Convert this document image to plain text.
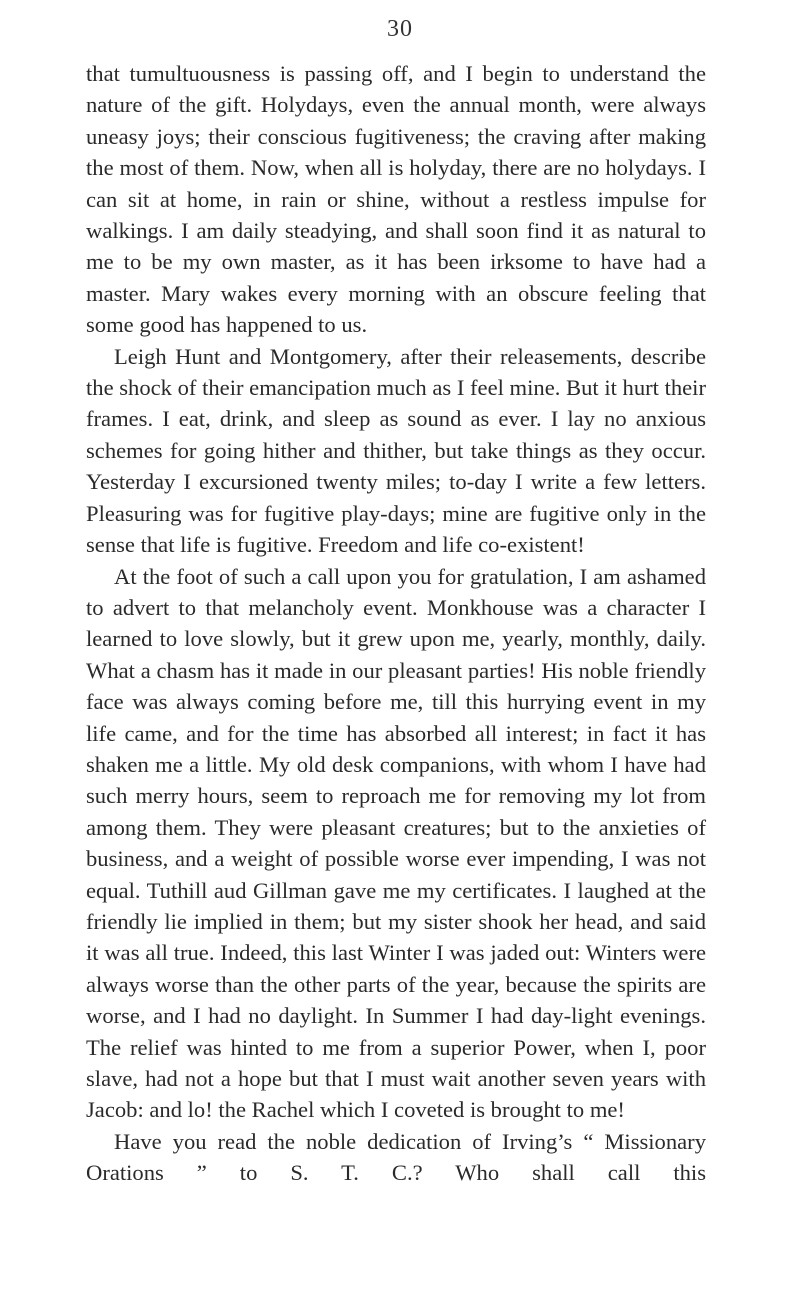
30

that tumultuousness is passing off, and I begin to understand the nature of the gift. Holydays, even the annual month, were always uneasy joys; their conscious fugitiveness; the craving after making the most of them. Now, when all is holyday, there are no holydays. I can sit at home, in rain or shine, without a restless impulse for walkings. I am daily steadying, and shall soon find it as natural to me to be my own master, as it has been irksome to have had a master. Mary wakes every morning with an obscure feeling that some good has happened to us.

Leigh Hunt and Montgomery, after their releasements, describe the shock of their emancipation much as I feel mine. But it hurt their frames. I eat, drink, and sleep as sound as ever. I lay no anxious schemes for going hither and thither, but take things as they occur. Yesterday I excursioned twenty miles; to-day I write a few letters. Pleasuring was for fugitive play-days; mine are fugitive only in the sense that life is fugitive. Freedom and life co-existent!

At the foot of such a call upon you for gratulation, I am ashamed to advert to that melancholy event. Monkhouse was a character I learned to love slowly, but it grew upon me, yearly, monthly, daily. What a chasm has it made in our pleasant parties! His noble friendly face was always coming before me, till this hurrying event in my life came, and for the time has absorbed all interest; in fact it has shaken me a little. My old desk companions, with whom I have had such merry hours, seem to reproach me for removing my lot from among them. They were pleasant creatures; but to the anxieties of business, and a weight of possible worse ever impending, I was not equal. Tuthill aud Gillman gave me my certificates. I laughed at the friendly lie implied in them; but my sister shook her head, and said it was all true. Indeed, this last Winter I was jaded out: Winters were always worse than the other parts of the year, because the spirits are worse, and I had no daylight. In Summer I had day-light evenings. The relief was hinted to me from a superior Power, when I, poor slave, had not a hope but that I must wait another seven years with Jacob: and lo! the Rachel which I coveted is brought to me!

Have you read the noble dedication of Irving’s “ Missionary Orations ” to S. T. C.? Who shall call this
